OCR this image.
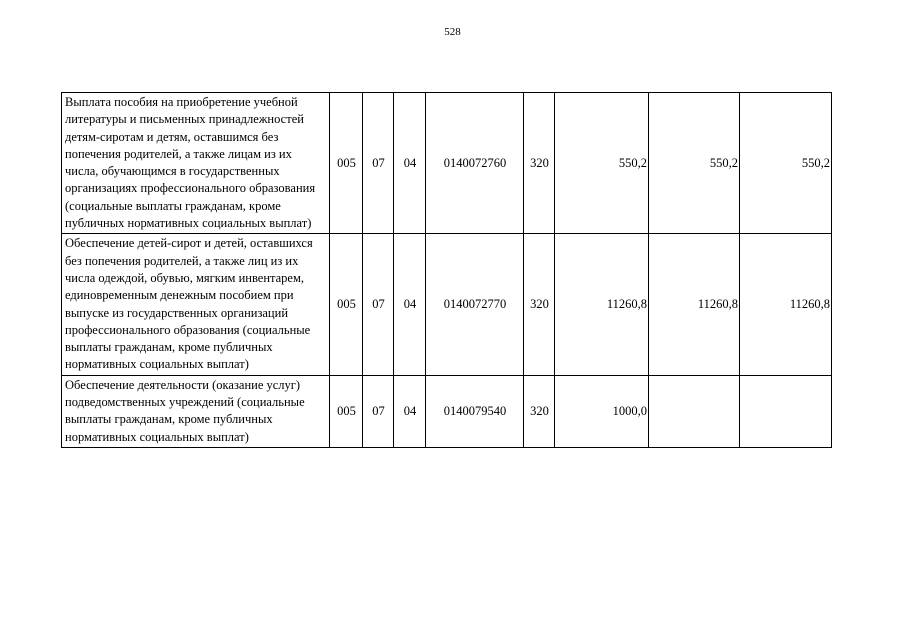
528
Выплата пособия на приобретение учебной литературы и письменных принадлежностей детям-сиротам и детям, оставшимся без попечения родителей, а также лицам из их числа, обучающимся в государственных организациях профессионального образования (социальные выплаты гражданам, кроме публичных нормативных социальных выплат)	005	07	04	0140072760	320	550,2	550,2	550,2
Обеспечение детей-сирот и детей, оставшихся без попечения родителей, а также лиц из их числа одеждой, обувью, мягким инвентарем, единовременным денежным пособием при выпуске из государственных организаций профессионального образования (социальные выплаты гражданам, кроме публичных нормативных социальных выплат)	005	07	04	0140072770	320	11260,8	11260,8	11260,8
Обеспечение деятельности (оказание услуг) подведомственных учреждений (социальные выплаты гражданам, кроме публичных нормативных социальных выплат)	005	07	04	0140079540	320	1000,0		
